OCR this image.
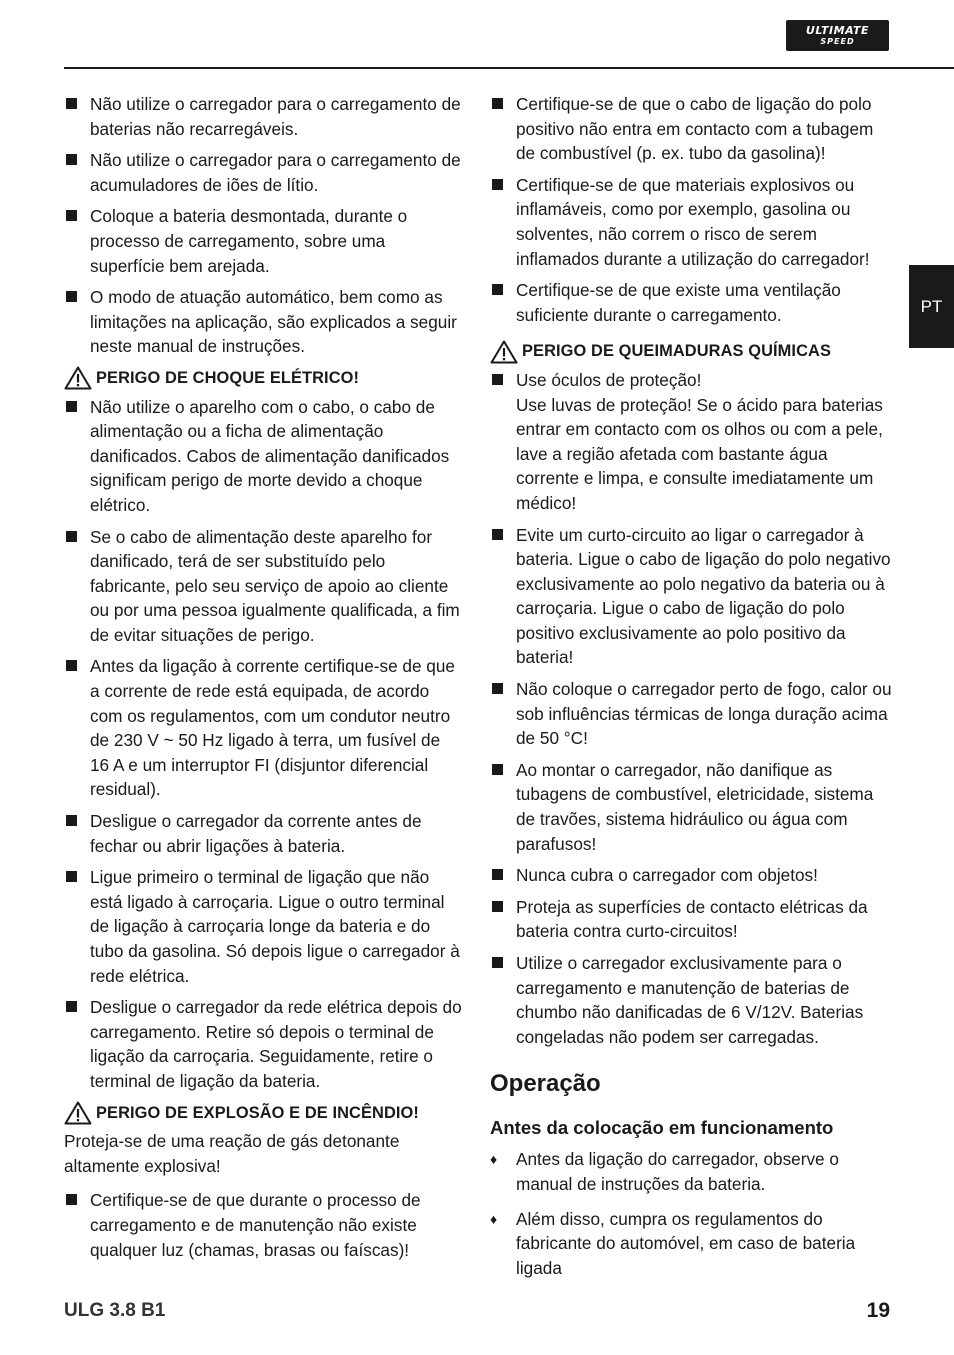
ULTIMATE
SPEED
PT

Não utilize o carregador para o carregamento de baterias não recarregáveis.

Não utilize o carregador para o carregamento de acumuladores de iões de lítio.

Coloque a bateria desmontada, durante o processo de carregamento, sobre uma superfície bem arejada.

O modo de atuação automático, bem como as limitações na aplicação, são explicados a seguir neste manual de instruções.

PERIGO DE CHOQUE ELÉTRICO!

Não utilize o aparelho com o cabo, o cabo de alimentação ou a ficha de alimentação danificados. Cabos de alimentação danificados significam perigo de morte devido a choque elétrico.

Se o cabo de alimentação deste aparelho for danificado, terá de ser substituído pelo fabricante, pelo seu serviço de apoio ao cliente ou por uma pessoa igualmente qualificada, a fim de evitar situações de perigo.

Antes da ligação à corrente certifique-se de que a corrente de rede está equipada, de acordo com os regulamentos, com um condutor neutro de 230 V ~ 50 Hz ligado à terra, um fusível de 16 A e um interruptor FI (disjuntor diferencial residual).

Desligue o carregador da corrente antes de fechar ou abrir ligações à bateria.

Ligue primeiro o terminal de ligação que não está ligado à carroçaria. Ligue o outro terminal de ligação à carroçaria longe da bateria e do tubo da gasolina. Só depois ligue o carregador à rede elétrica.

Desligue o carregador da rede elétrica depois do carregamento. Retire só depois o terminal de ligação da carroçaria. Seguidamente, retire o terminal de ligação da bateria.

PERIGO DE EXPLOSÃO E DE INCÊNDIO!

Proteja-se de uma reação de gás detonante altamente explosiva!

Certifique-se de que durante o processo de carregamento e de manutenção não existe qualquer luz (chamas, brasas ou faíscas)!

Certifique-se de que o cabo de ligação do polo positivo não entra em contacto com a tubagem de combustível (p. ex. tubo da gasolina)!

Certifique-se de que materiais explosivos ou inflamáveis, como por exemplo, gasolina ou solventes, não correm o risco de serem inflamados durante a utilização do carregador!

Certifique-se de que existe uma ventilação suficiente durante o carregamento.

PERIGO DE QUEIMADURAS QUÍMICAS

Use óculos de proteção!

Use luvas de proteção! Se o ácido para baterias entrar em contacto com os olhos ou com a pele, lave a região afetada com bastante água corrente e limpa, e consulte imediatamente um médico!

Evite um curto-circuito ao ligar o carregador à bateria. Ligue o cabo de ligação do polo negativo exclusivamente ao polo negativo da bateria ou à carroçaria. Ligue o cabo de ligação do polo positivo exclusivamente ao polo positivo da bateria!

Não coloque o carregador perto de fogo, calor ou sob influências térmicas de longa duração acima de 50 °C!

Ao montar o carregador, não danifique as tubagens de combustível, eletricidade, sistema de travões, sistema hidráulico ou água com parafusos!

Nunca cubra o carregador com objetos!

Proteja as superfícies de contacto elétricas da bateria contra curto-circuitos!

Utilize o carregador exclusivamente para o carregamento e manutenção de baterias de chumbo não danificadas de 6 V/12V. Baterias congeladas não podem ser carregadas.

Operação
Antes da colocação em funcionamento
♦ Antes da ligação do carregador, observe o manual de instruções da bateria.

♦ Além disso, cumpra os regulamentos do fabricante do automóvel, em caso de bateria ligada

ULG 3.8 B1	19
